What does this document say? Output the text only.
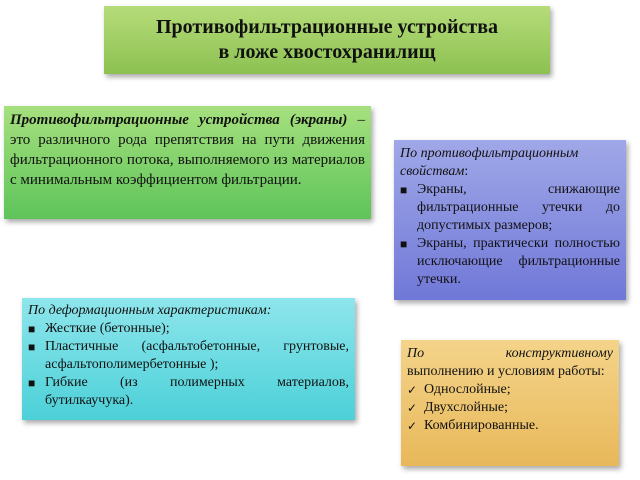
Противофильтрационные устройства
в ложе хвостохранилищ
Противофильтрационные устройства (экраны) – это различного рода препятствия на пути движения фильтрационного потока, выполняемого из материалов с минимальным коэффициентом фильтрации.
По противофильтрационным свойствам:
■ Экраны, снижающие фильтрационные утечки до допустимых размеров;
■ Экраны, практически полностью исключающие фильтрационные утечки.
По деформационным характеристикам:
■ Жесткие (бетонные);
■ Пластичные (асфальтобетонные, грунтовые, асфальтополимербетонные );
■ Гибкие (из полимерных материалов, бутилкаучука).
По конструктивному выполнению и условиям работы:
✓ Однослойные;
✓ Двухслойные;
✓ Комбинированные.
